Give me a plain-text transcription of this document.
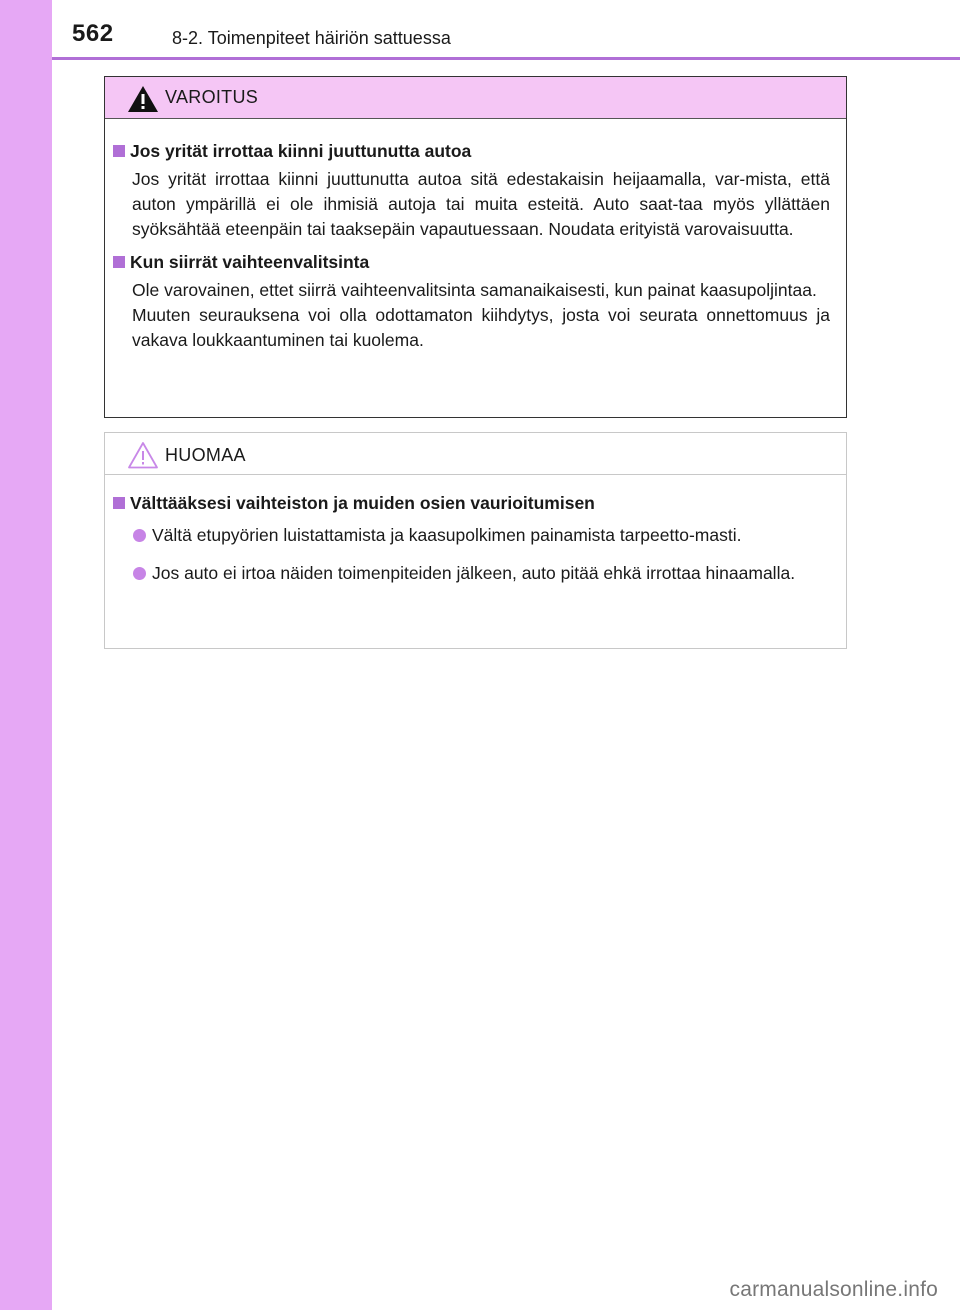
562	8-2. Toimenpiteet häiriön sattuessa
VAROITUS
Jos yrität irrottaa kiinni juuttunutta autoa
Jos yrität irrottaa kiinni juuttunutta autoa sitä edestakaisin heijaamalla, var-mista, että auton ympärillä ei ole ihmisiä autoja tai muita esteitä. Auto saat-taa myös yllättäen syöksähtää eteenpäin tai taaksepäin vapautuessaan. Noudata erityistä varovaisuutta.
Kun siirrät vaihteenvalitsinta
Ole varovainen, ettet siirrä vaihteenvalitsinta samanaikaisesti, kun painat kaasupoljintaa.
Muuten seurauksena voi olla odottamaton kiihdytys, josta voi seurata onnettomuus ja vakava loukkaantuminen tai kuolema.
HUOMAA
Välttääksesi vaihteiston ja muiden osien vaurioitumisen
Vältä etupyörien luistattamista ja kaasupolkimen painamista tarpeetto-masti.
Jos auto ei irtoa näiden toimenpiteiden jälkeen, auto pitää ehkä irrottaa hinaamalla.
carmanualsonline.info
